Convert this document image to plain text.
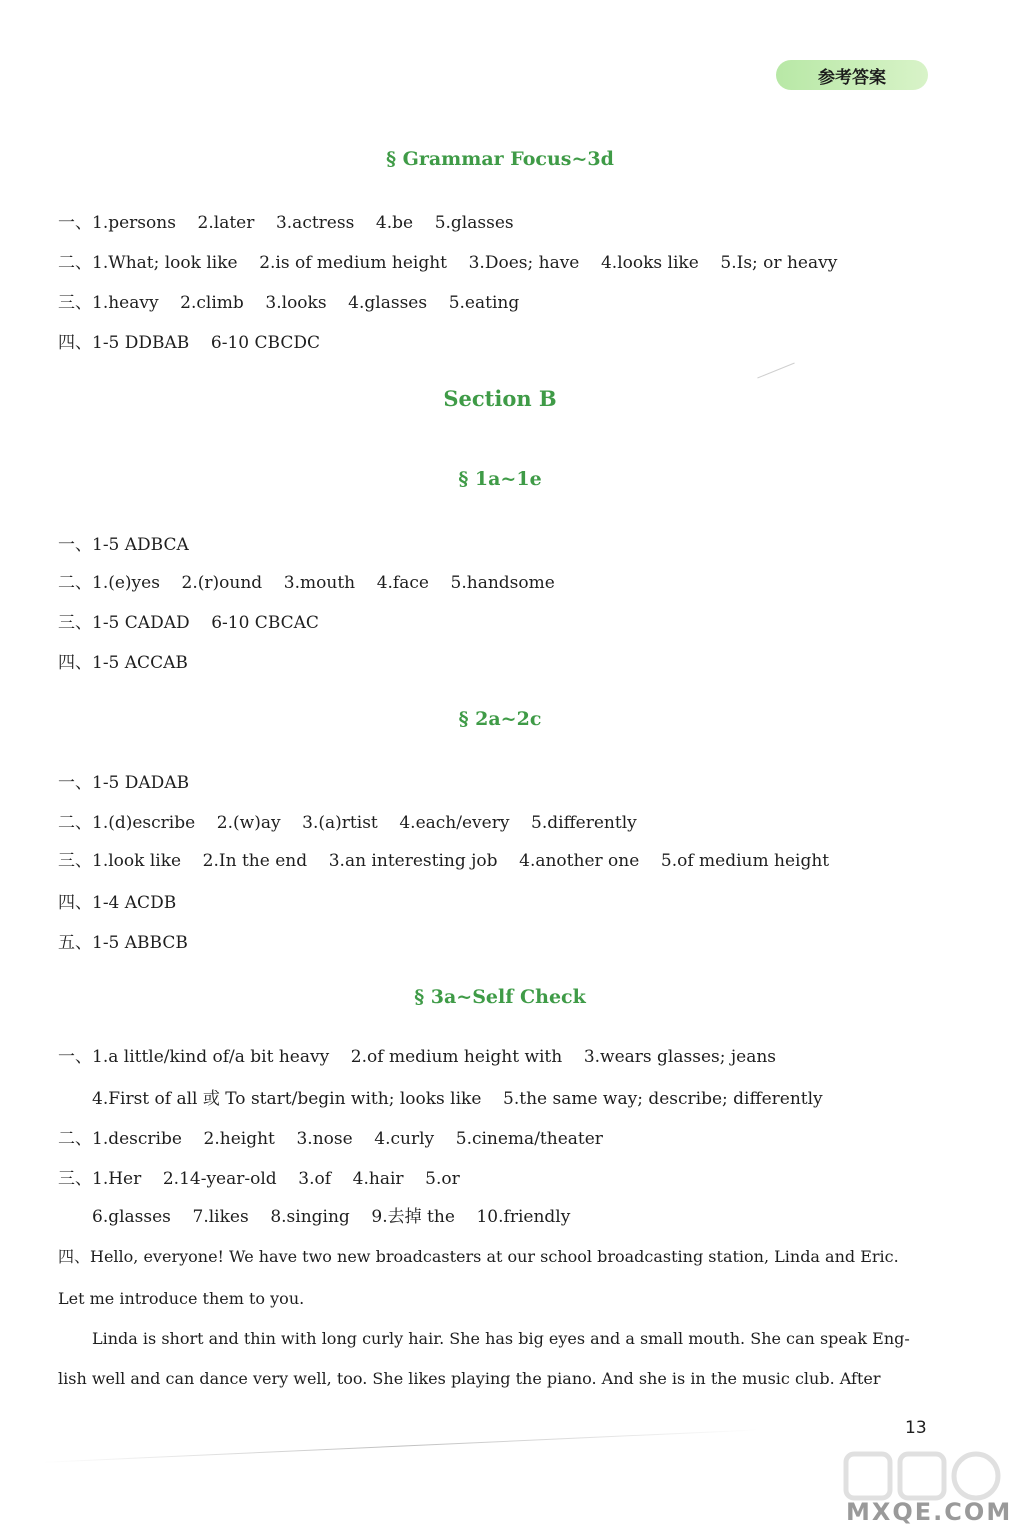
参考答案
§ Grammar Focus~3d
一、1.persons    2.later    3.actress    4.be    5.glasses
二、1.What; look like    2.is of medium height    3.Does; have    4.looks like    5.Is; or heavy
三、1.heavy    2.climb    3.looks    4.glasses    5.eating
四、1-5 DDBAB    6-10 CBCDC
Section B
§ 1a~1e
一、1-5 ADBCA
二、1.(e)yes    2.(r)ound    3.mouth    4.face    5.handsome
三、1-5 CADAD    6-10 CBCAC
四、1-5 ACCAB
§ 2a~2c
一、1-5 DADAB
二、1.(d)escribe    2.(w)ay    3.(a)rtist    4.each/every    5.differently
三、1.look like    2.In the end    3.an interesting job    4.another one    5.of medium height
四、1-4 ACDB
五、1-5 ABBCB
§ 3a~Self Check
一、1.a little/kind of/a bit heavy    2.of medium height with    3.wears glasses; jeans
4.First of all 或 To start/begin with; looks like    5.the same way; describe; differently
二、1.describe    2.height    3.nose    4.curly    5.cinema/theater
三、1.Her    2.14-year-old    3.of    4.hair    5.or
6.glasses    7.likes    8.singing    9.去掉 the    10.friendly
四、Hello, everyone! We have two new broadcasters at our school broadcasting station, Linda and Eric.
Let me introduce them to you.
Linda is short and thin with long curly hair. She has big eyes and a small mouth. She can speak Eng-
lish well and can dance very well, too. She likes playing the piano. And she is in the music club. After
13
MXQE.COM
